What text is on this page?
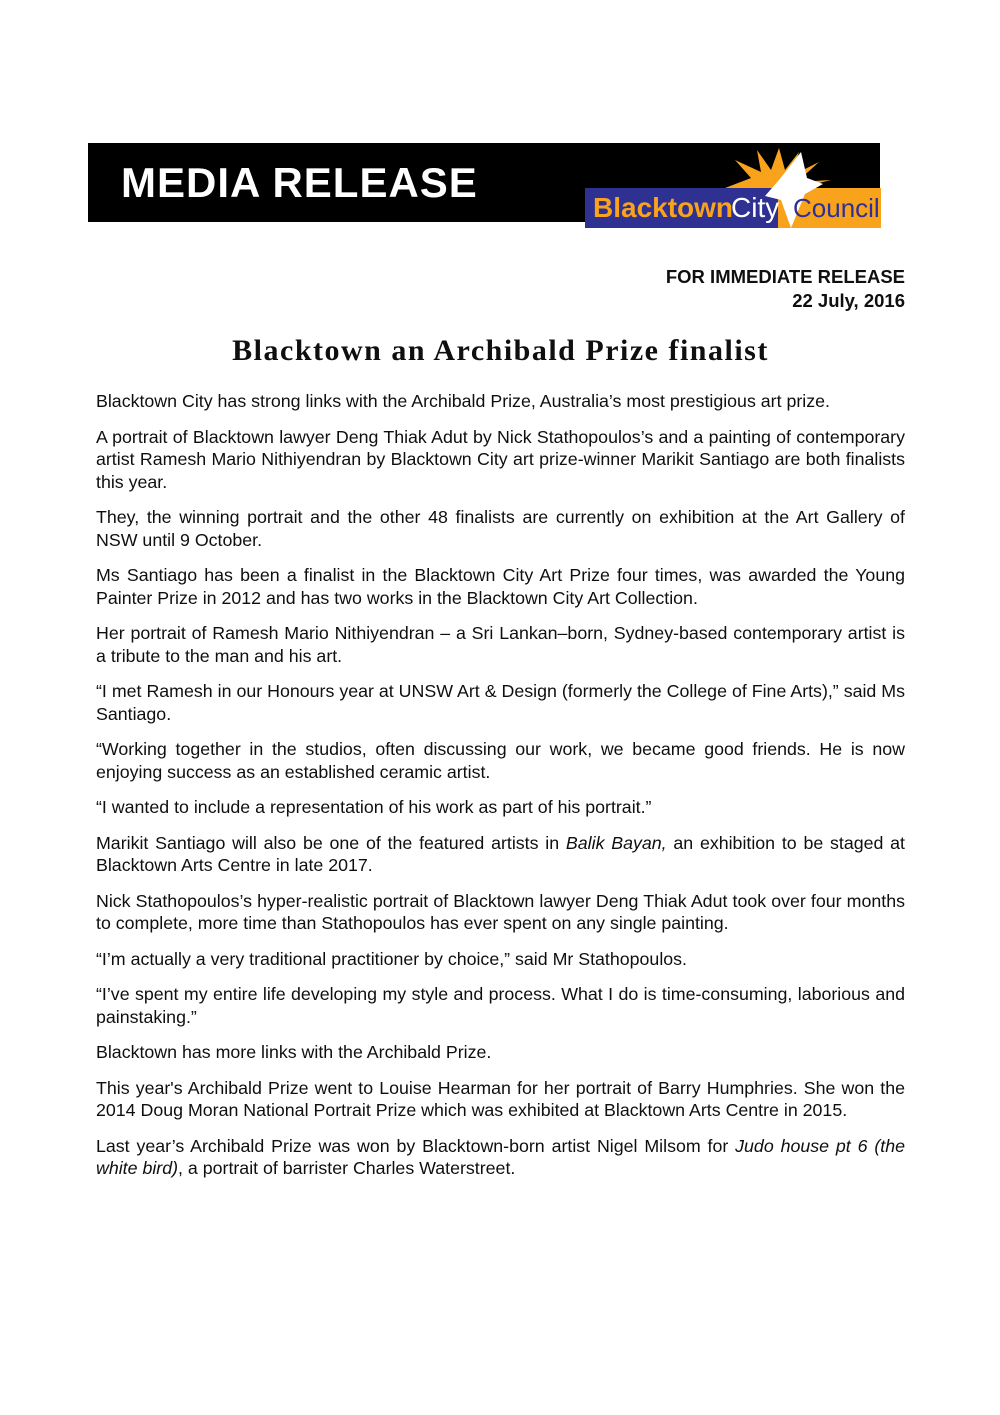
MEDIA RELEASE
Blacktown
City Council
FOR IMMEDIATE RELEASE
22 July, 2016
Blacktown an Archibald Prize finalist

Blacktown City has strong links with the Archibald Prize, Australia’s most prestigious art prize.

A portrait of Blacktown lawyer Deng Thiak Adut by Nick Stathopoulos’s and a painting of contemporary artist Ramesh Mario Nithiyendran by Blacktown City art prize-winner Marikit Santiago are both finalists this year.

They, the winning portrait and the other 48 finalists are currently on exhibition at the Art Gallery of NSW until 9 October.

Ms Santiago has been a finalist in the Blacktown City Art Prize four times, was awarded the Young Painter Prize in 2012 and has two works in the Blacktown City Art Collection.

Her portrait of Ramesh Mario Nithiyendran – a Sri Lankan–born, Sydney-based contemporary artist is a tribute to the man and his art.

“I met Ramesh in our Honours year at UNSW Art & Design (formerly the College of Fine Arts),” said Ms Santiago.

“Working together in the studios, often discussing our work, we became good friends. He is now enjoying success as an established ceramic artist.

“I wanted to include a representation of his work as part of his portrait.”

Marikit Santiago will also be one of the featured artists in Balik Bayan, an exhibition to be staged at Blacktown Arts Centre in late 2017.

Nick Stathopoulos’s hyper-realistic portrait of Blacktown lawyer Deng Thiak Adut took over four months to complete, more time than Stathopoulos has ever spent on any single painting.

“I’m actually a very traditional practitioner by choice,” said Mr Stathopoulos.

“I’ve spent my entire life developing my style and process. What I do is time-consuming, laborious and painstaking.”

Blacktown has more links with the Archibald Prize.

This year's Archibald Prize went to Louise Hearman for her portrait of Barry Humphries. She won the 2014 Doug Moran National Portrait Prize which was exhibited at Blacktown Arts Centre in 2015.

Last year’s Archibald Prize was won by Blacktown-born artist Nigel Milsom for Judo house pt 6 (the white bird), a portrait of barrister Charles Waterstreet.
